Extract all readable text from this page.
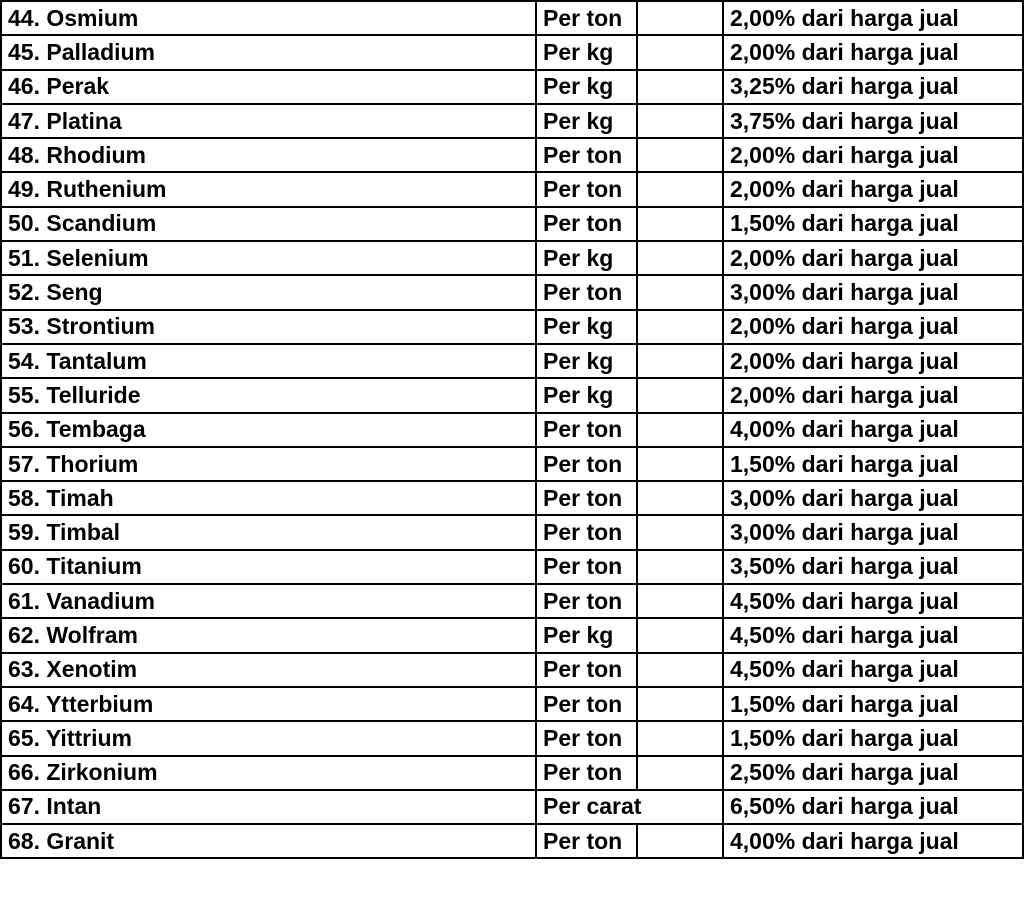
44. Osmium	Per ton		2,00% dari harga jual
45. Palladium	Per kg		2,00% dari harga jual
46. Perak	Per kg		3,25% dari harga jual
47. Platina	Per kg		3,75% dari harga jual
48. Rhodium	Per ton		2,00% dari harga jual
49. Ruthenium	Per ton		2,00% dari harga jual
50. Scandium	Per ton		1,50% dari harga jual
51. Selenium	Per kg		2,00% dari harga jual
52. Seng	Per ton		3,00% dari harga jual
53. Strontium	Per kg		2,00% dari harga jual
54. Tantalum	Per kg		2,00% dari harga jual
55. Telluride	Per kg		2,00% dari harga jual
56. Tembaga	Per ton		4,00% dari harga jual
57. Thorium	Per ton		1,50% dari harga jual
58. Timah	Per ton		3,00% dari harga jual
59. Timbal	Per ton		3,00% dari harga jual
60. Titanium	Per ton		3,50% dari harga jual
61. Vanadium	Per ton		4,50% dari harga jual
62. Wolfram	Per kg		4,50% dari harga jual
63. Xenotim	Per ton		4,50% dari harga jual
64. Ytterbium	Per ton		1,50% dari harga jual
65. Yittrium	Per ton		1,50% dari harga jual
66. Zirkonium	Per ton		2,50% dari harga jual
67. Intan	Per carat		6,50% dari harga jual
68. Granit	Per ton		4,00% dari harga jual
